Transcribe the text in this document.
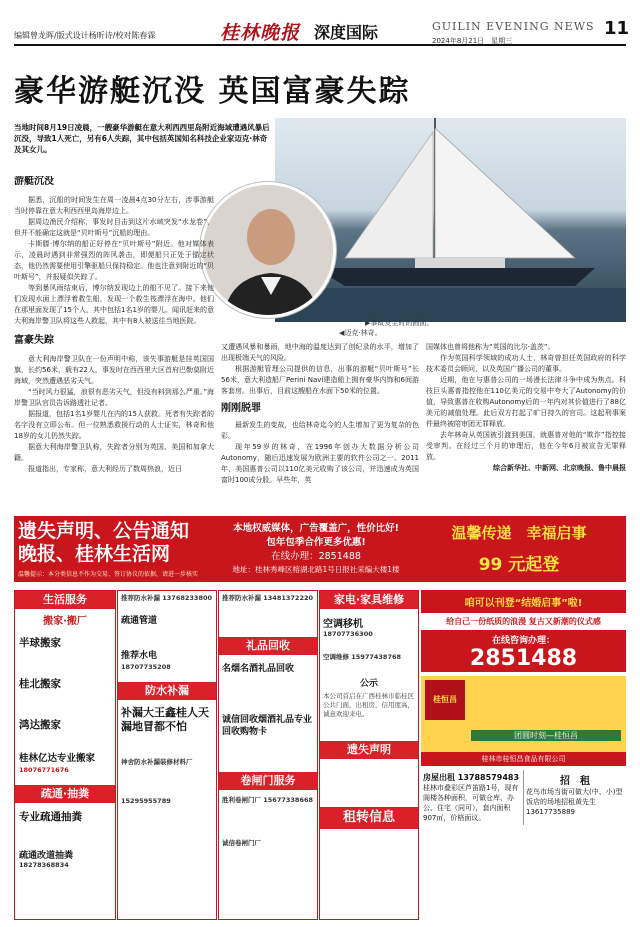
编辑曾龙晖/版式设计杨昕诗/校对陈春霖	桂林晚报 深度国际	GUILIN EVENING NEWS
2024年8月21日　星期三
11
豪华游艇沉没 英国富豪失踪
当地时间8月19日凌晨，一艘豪华游艇在意大利西西里岛附近海域遭遇风暴后沉没，导致1人死亡，另有6人失踪，其中包括英国知名科技企业家迈克·林奇及其女儿。
▶事故发生时的画面。
◀迈克·林奇。
游艇沉没

据悉，沉船的时间发生在周一凌晨4点30分左右，涉事游艇当时停靠在意大利西西里岛海岸边上。

据周边渔民介绍称，事发时目击到这片水域突发“水龙卷”，但并不能确定这就是“贝叶斯号”沉船的理由。

卡斯滕·博尔纳的船正好停在“贝叶斯号”附近。他对媒体表示，凌晨时遇到非常强烈的阵风袭击，即便船只正处于锚定状态，他仍然需要使用引擎驱船只保持稳定。他也注意到附近的“贝叶斯号”，并报疑似失踪了。

等到暴风雨结束后，博尔纳发现边上的船不见了。接下来他们发现水面上漂浮着救生船，发现一个救生筏漂浮在海中。他们在那里面发现了15个人，其中包括1名1岁的婴儿。闻讯赶来的意大利海岸警卫队将这些人救起，其中有8人被送往当地医院。

富豪失踪

意大利海岸警卫队在一份声明中称，该失事游艇是挂英国国旗，长约56米，载有22人，事发时在西西里大区首府巴勒莫附近海域，突然遭遇恶劣天气。

“当时风力很猛，浪很有恶劣天气，但没有料到那么严重。”海岸警卫队官员告诉路透社记者。

据报道，包括1名1岁婴儿在内的15人获救。死者有失踪者的名字没有立即公布。但一位熟悉救援行动的人士证实，林奇和他18岁的女儿仍然失踪。

据意大利海岸警卫队称，失踪者分别为英国、美国和加拿大籍。

报道指出，专家称，意大利经历了数周热浪，近日

又遭遇风暴和暴雨，地中海的温度达到了创纪录的水平，增加了出现极端天气的风险。

根据游艇管理公司提供的信息，出事的游艇“贝叶斯号”长56米，意大利造船厂Perini Navi建造船上拥有豪华内饰和6间游客套房。出事后，目前这艘船在水面下50米的位置。

刚刚脱罪

最新发生的变故，也给林奇迄今的人生增加了更为复杂的色彩。

现年59岁的林奇，在1996年创办大数据分析公司Autonomy，随后迅速发展为欧洲主要的软件公司之一。2011年，美国惠普公司以110亿美元收购了该公司，并迅速成为英国富时100成分股。早些年，英

国媒体也曾将他称为“英国的比尔·盖茨”。

作为英国科学领域的成功人士，林奇曾担任英国政府的科学技术委员会顾问，以及英国广播公司的董事。

近期，他在与惠普公司的一场漫长法律斗争中成为焦点。科技巨头惠普指控他在110亿美元的交易中夸大了Autonomy的价值，导致惠普在收购Autonomy后的一年内对其价值进行了88亿美元的减值处理。此后双方打起了旷日持久的官司。这起刑事案件最终被陪审团无罪释放。

去年林奇从英国被引渡到美国，就惠普对他的“欺诈”指控接受审判。在经过三个月的审理后，他在今年6月被宣告无罪释放。

综合新华社、中新网、北京晚报、鲁中晨报

遗失声明、公告通知
晚报、桂林生活网
温馨提示：本分类信息不作为交易、签订协议的依据，请进一步核实
本地权威媒体，广告覆盖广，性价比好!
包年包季合作更多优惠!
在线办理：2851488
地址：桂林秀峰区榕湖北路1号日报社采编大楼1楼
温馨传递　幸福启事
99 元起登
生活服务
搬家·搬厂
半球搬家
桂北搬家
鸿达搬家
桂林亿达专业搬家
18076771676
疏通·抽粪
专业疏通抽粪
疏通改道抽粪
18278368834
推荐防水补漏 13768233800
疏通管道
推荐水电
18707735208
防水补漏
补漏大王鑫桂人天漏地冒都不怕
神舍防水补漏装修材料厂
15295955789
推荐防水补漏 13481372220
礼品回收
名烟名酒礼品回收
诚信回收烟酒礼品专业回收购物卡
卷闸门服务
胜利卷闸门厂 15677338668
诚信卷闸门厂
家电·家具维修
空调移机
18707736300
空调维修 15977438768
公示
本公司首启在广西桂林市临桂区公共门面，出租房，信用度高，诚意欢迎来电。
遗失声明
租转信息
咱可以刊登“结婚启事”啦!
给自己一份纸质的浪漫 复古又新潮的仪式感
在线咨询办理：
2851488
桂恒昌
团圆时刻—桂恒昌
桂林市桂恒昌食品有限公司
房屋出租 13788579483
桂林市叠彩区芦笛路1号，现有阁楼各种面积，可做仓库、办公、住宅（同可），套内面积907㎡，价格面议。
招　租
花鸟市场当街可做大(中、小)型饭店的场地招租黄先生 13617735889
